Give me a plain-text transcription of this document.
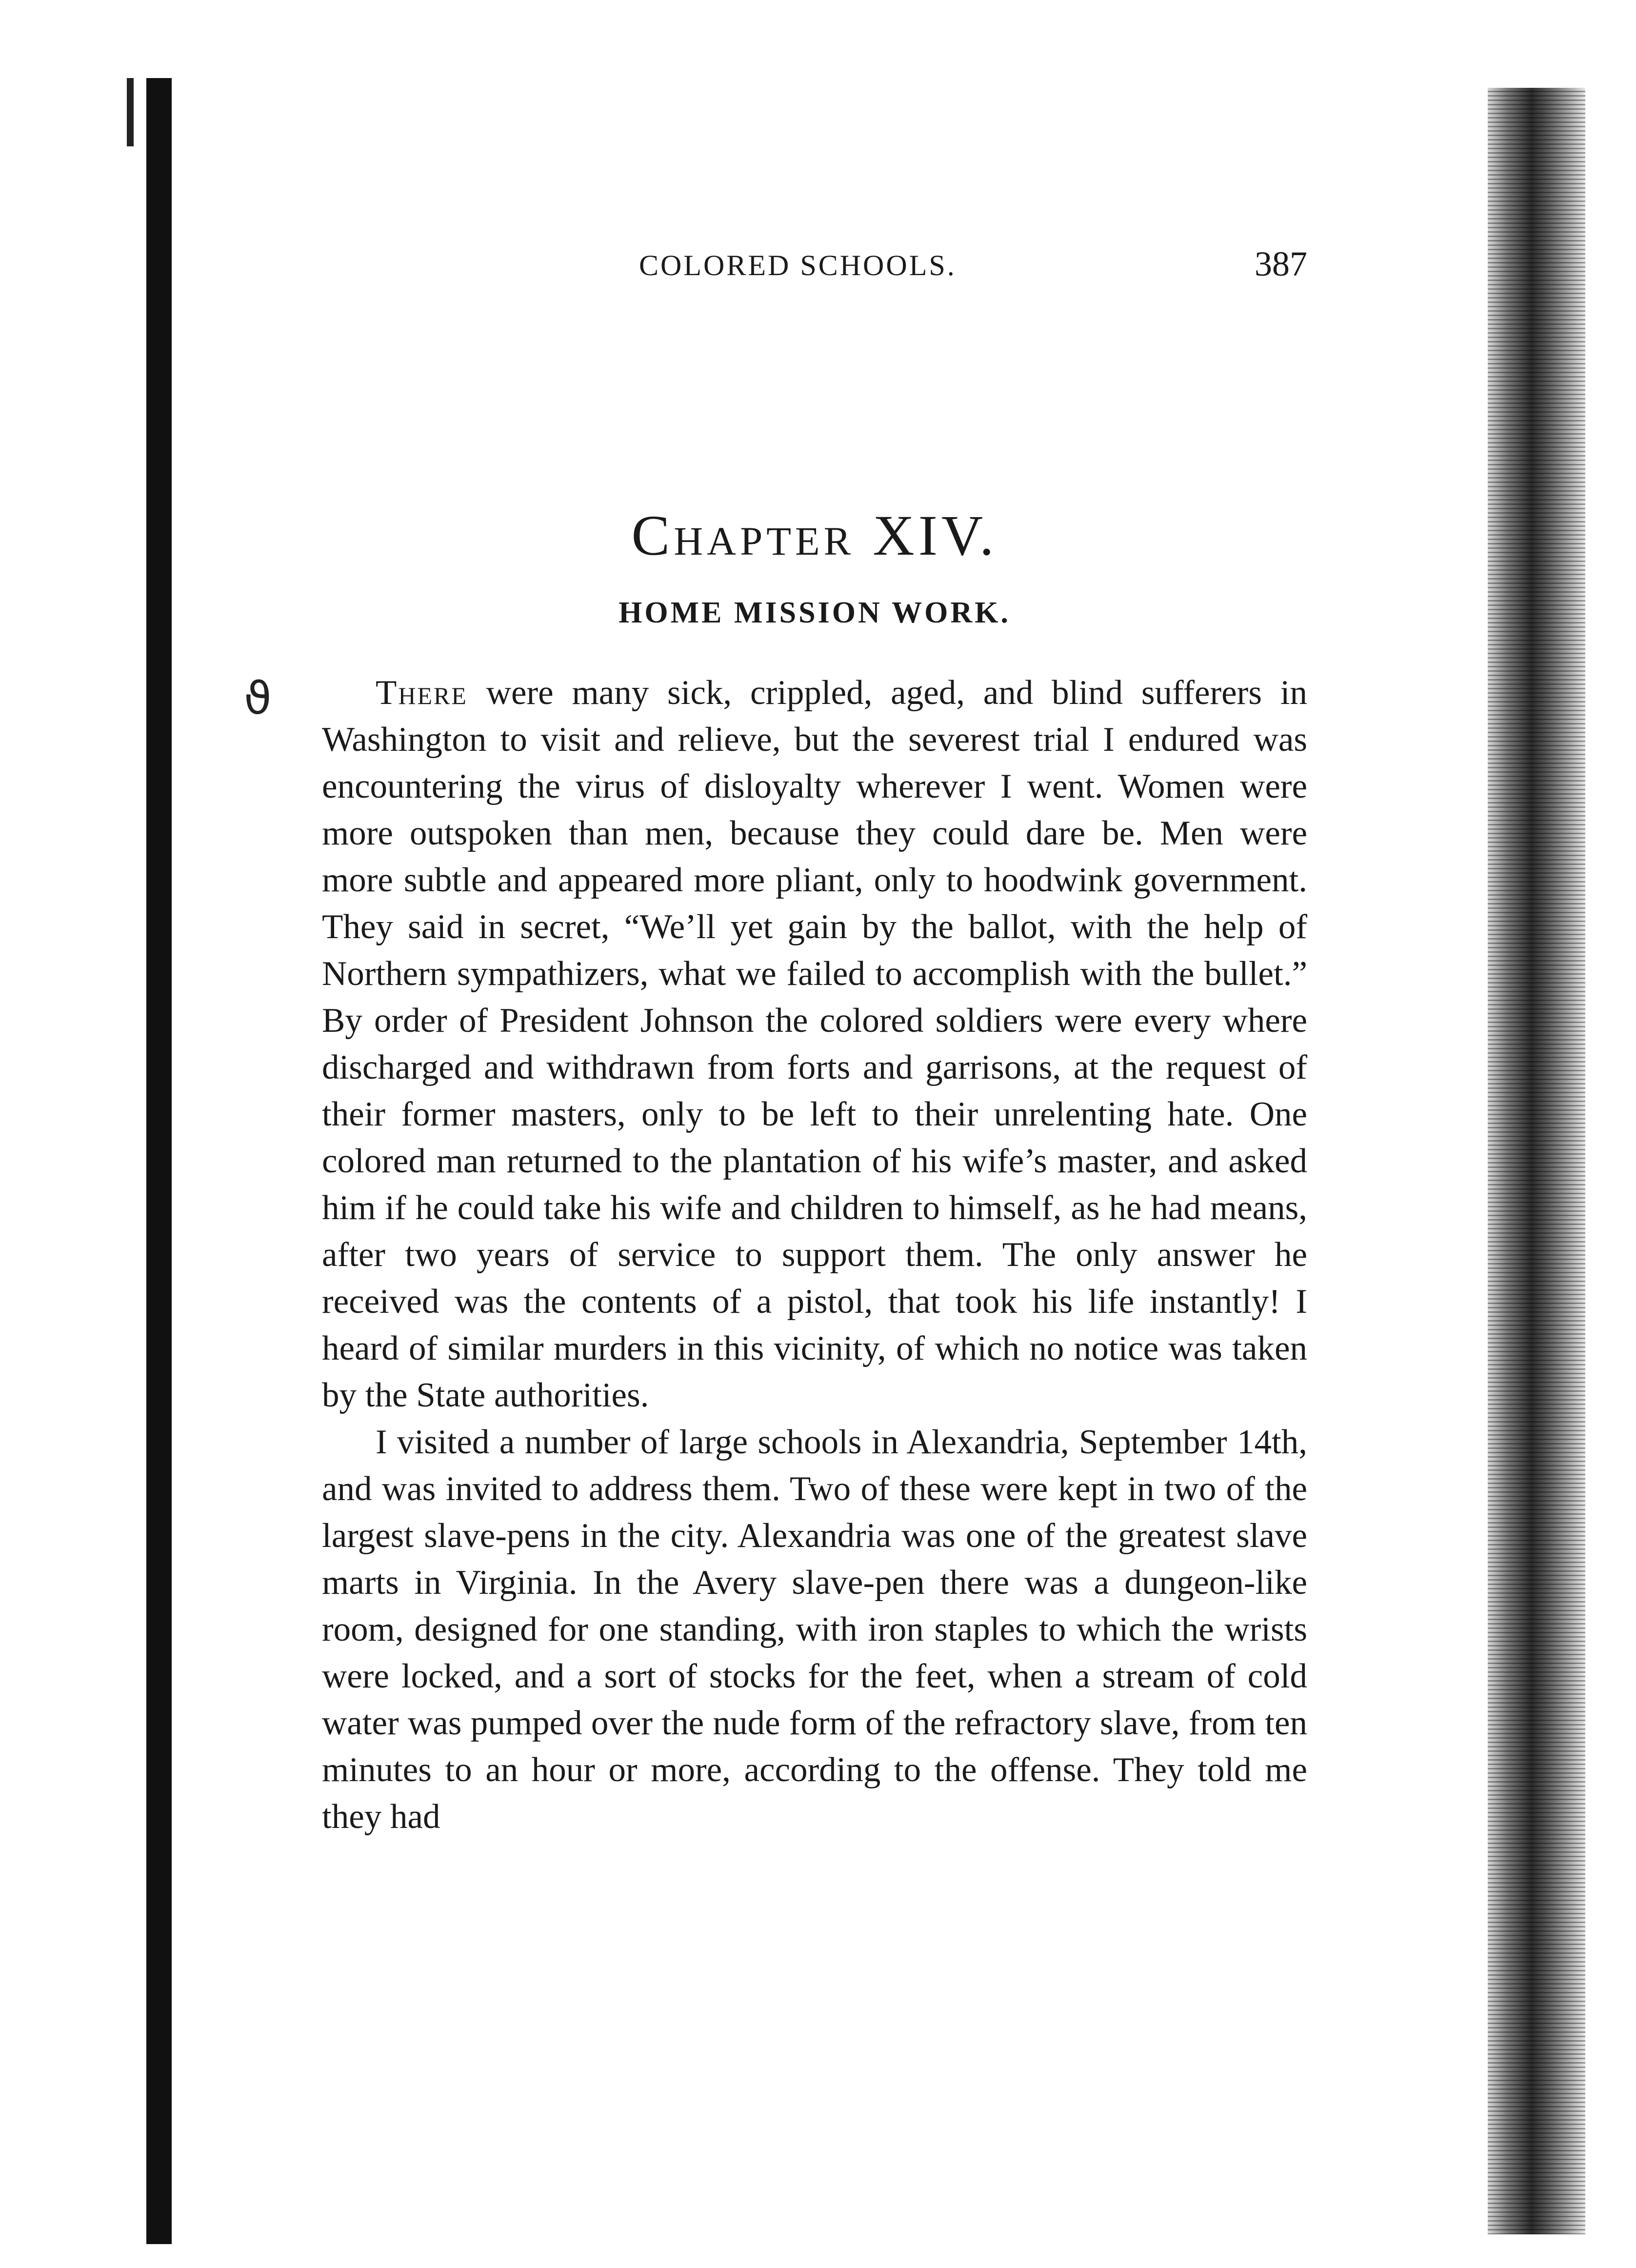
ϑ
COLORED SCHOOLS.	387
Chapter XIV.
HOME MISSION WORK.

There were many sick, crippled, aged, and blind sufferers in Washington to visit and relieve, but the severest trial I endured was encountering the virus of disloyalty wherever I went. Women were more outspoken than men, because they could dare be. Men were more subtle and appeared more pliant, only to hoodwink government. They said in secret, “We’ll yet gain by the ballot, with the help of Northern sympathizers, what we failed to accomplish with the bullet.” By order of President Johnson the colored soldiers were every where discharged and withdrawn from forts and garrisons, at the request of their former masters, only to be left to their unrelenting hate. One colored man returned to the plantation of his wife’s master, and asked him if he could take his wife and children to himself, as he had means, after two years of service to support them. The only answer he received was the contents of a pistol, that took his life instantly! I heard of similar murders in this vicinity, of which no notice was taken by the State authorities.

I visited a number of large schools in Alexandria, September 14th, and was invited to address them. Two of these were kept in two of the largest slave-pens in the city. Alexandria was one of the greatest slave marts in Virginia. In the Avery slave-pen there was a dungeon-like room, designed for one standing, with iron staples to which the wrists were locked, and a sort of stocks for the feet, when a stream of cold water was pumped over the nude form of the refractory slave, from ten minutes to an hour or more, according to the offense. They told me they had
